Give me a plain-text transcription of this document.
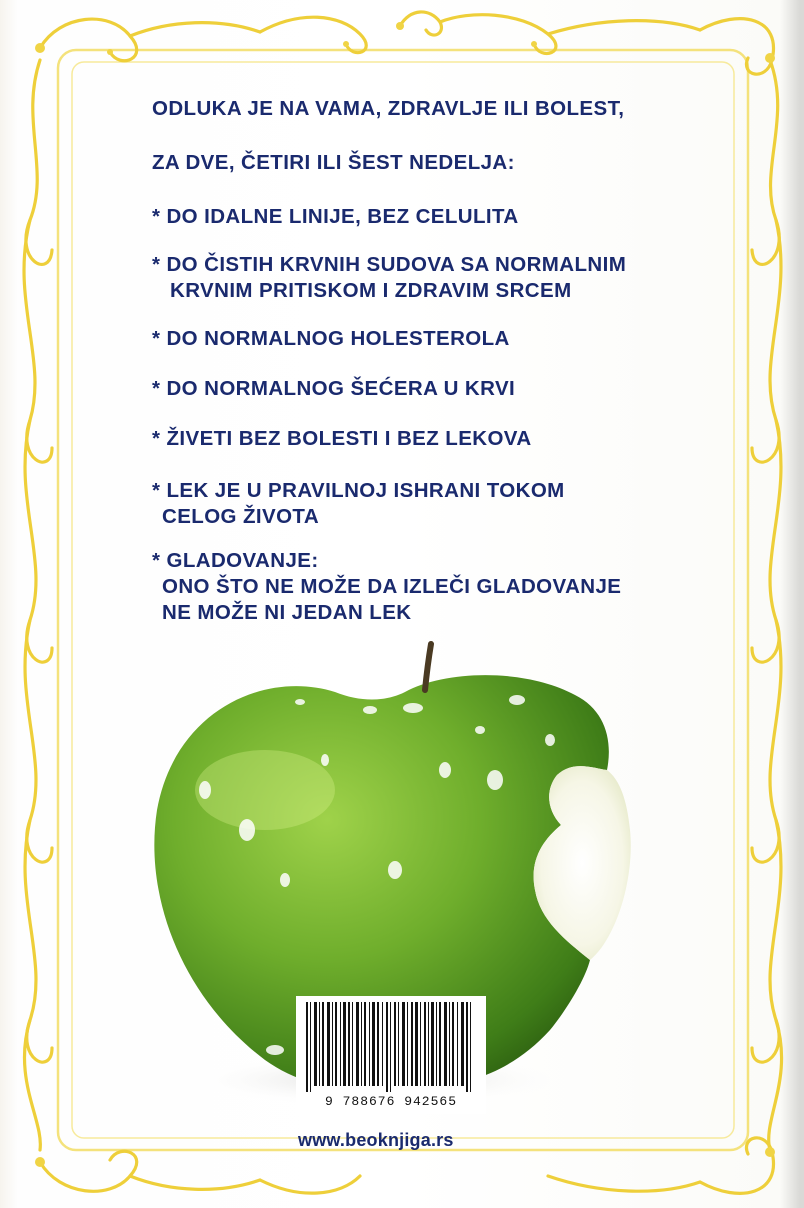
ODLUKA JE NA VAMA, ZDRAVLJE ILI BOLEST,
ZA DVE, ČETIRI ILI ŠEST NEDELJA:
* DO IDALNE LINIJE, BEZ CELULITA
* DO ČISTIH KRVNIH SUDOVA SA NORMALNIM
KRVNIM PRITISKOM I ZDRAVIM SRCEM
* DO NORMALNOG HOLESTEROLA
* DO NORMALNOG ŠEĆERA U KRVI
* ŽIVETI BEZ BOLESTI I BEZ LEKOVA
* LEK JE U PRAVILNOJ ISHRANI TOKOM
CELOG ŽIVOTA
* GLADOVANJE:
ONO ŠTO NE MOŽE DA IZLEČI GLADOVANJE
NE MOŽE NI JEDAN LEK
9 788676 942565
www.beoknjiga.rs
